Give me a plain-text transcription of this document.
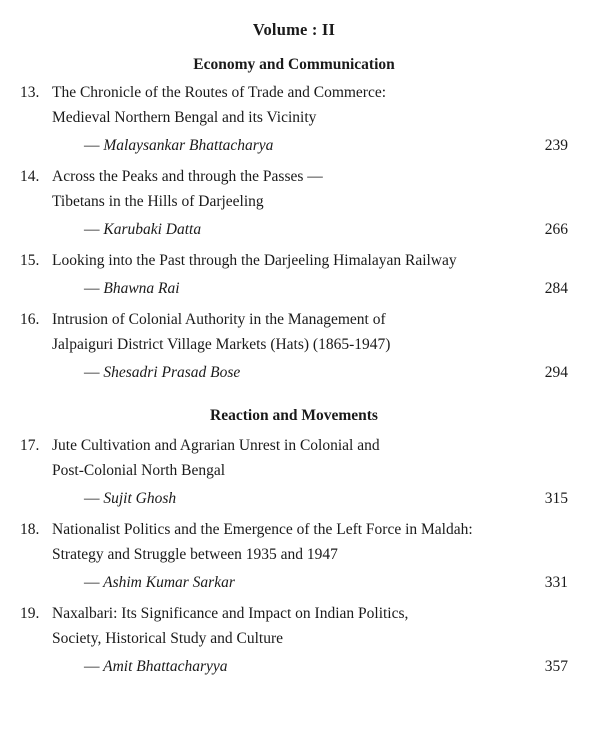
Volume : II
Economy and Communication
13. The Chronicle of the Routes of Trade and Commerce:
Medieval Northern Bengal and its Vicinity
— Malaysankar Bhattacharya	239
14. Across the Peaks and through the Passes —
Tibetans in the Hills of Darjeeling
— Karubaki Datta	266
15. Looking into the Past through the Darjeeling Himalayan Railway
— Bhawna Rai	284
16. Intrusion of Colonial Authority in the Management of
Jalpaiguri District Village Markets (Hats) (1865-1947)
— Shesadri Prasad Bose	294
Reaction and Movements
17. Jute Cultivation and Agrarian Unrest in Colonial and
Post-Colonial North Bengal
— Sujit Ghosh	315
18. Nationalist Politics and the Emergence of the Left Force in Maldah:
Strategy and Struggle between 1935 and 1947
— Ashim Kumar Sarkar	331
19. Naxalbari: Its Significance and Impact on Indian Politics,
Society, Historical Study and Culture
— Amit Bhattacharyya	357
